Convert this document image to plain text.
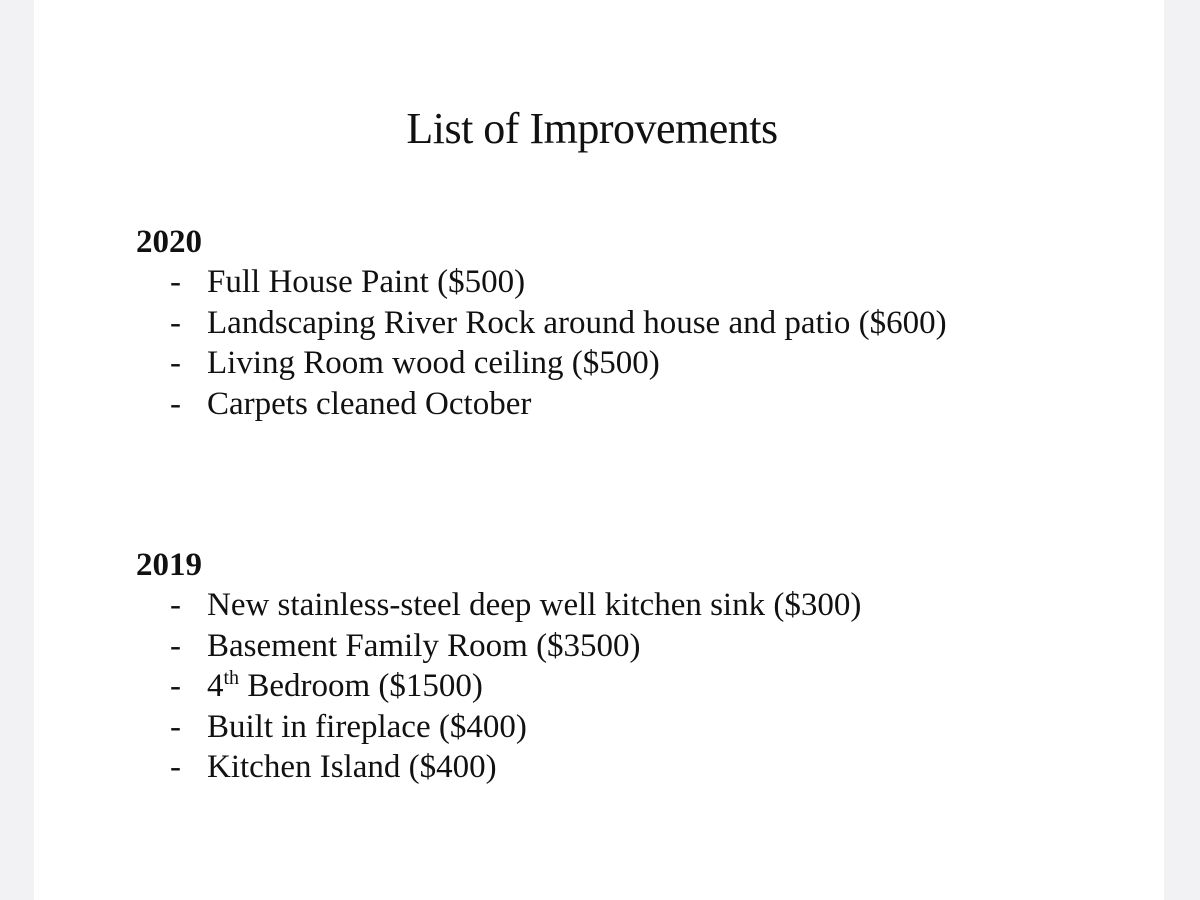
List of Improvements

2020

- Full House Paint ($500)
- Landscaping River Rock around house and patio ($600)
- Living Room wood ceiling ($500)
- Carpets cleaned October

2019

- New stainless-steel deep well kitchen sink ($300)
- Basement Family Room ($3500)
- 4th Bedroom ($1500)
- Built in fireplace ($400)
- Kitchen Island ($400)
